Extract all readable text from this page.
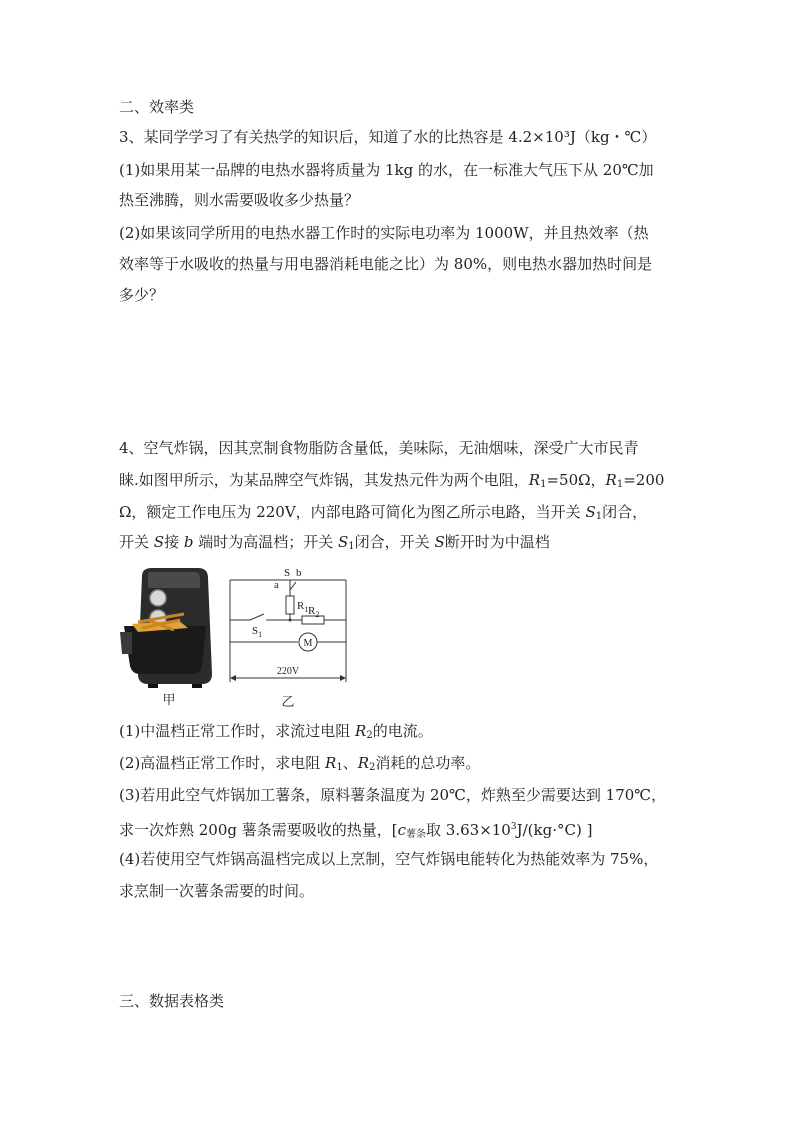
二、效率类
3、某同学学习了有关热学的知识后，知道了水的比热容是 4.2×10³J（kg・℃）
(1)如果用某一品牌的电热水器将质量为 1kg 的水，在一标准大气压下从 20℃加
热至沸腾，则水需要吸收多少热量？
(2)如果该同学所用的电热水器工作时的实际电功率为 1000W，并且热效率（热
效率等于水吸收的热量与用电器消耗电能之比）为 80%，则电热水器加热时间是
多少？
4、空气炸锅，因其烹制食物脂防含量低，美味际，无油烟味，深受广大市民青
睐.如图甲所示，为某品牌空气炸锅，其发热元件为两个电阻，$R_1=50\Omega$，$R_1=200$
Ω，额定工作电压为 220V，内部电路可简化为图乙所示电路，当开关 $S_1$闭合，
开关 S接 b 端时为高温档；开关 $S_1$闭合，开关 S断开时为中温档
甲
S b
a
$R_1$ $R_2$
$S_1$
M
220V
乙
(1)中温档正常工作时，求流过电阻 $R_2$的电流。
(2)高温档正常工作时，求电阻 $R_1$、$R_2$消耗的总功率。
(3)若用此空气炸锅加工薯条，原料薯条温度为 20℃，炸熟至少需要达到 170℃，
求一次炸熟 200g 薯条需要吸收的热量，[$c_{薯条}$取 $3.63\times 10^3J/(kg\cdot^\circ C)$ ]
(4)若使用空气炸锅高温档完成以上烹制，空气炸锅电能转化为热能效率为 75%，
求烹制一次薯条需要的时间。
三、数据表格类
